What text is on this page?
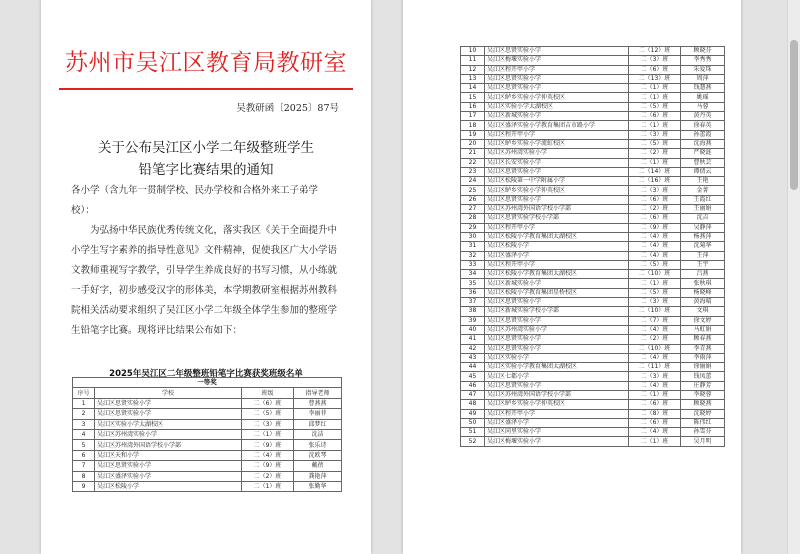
苏州市吴江区教育局教研室
吴教研函〔2025〕87号
关于公布吴江区小学二年级整班学生
铅笔字比赛结果的通知

各小学（含九年一贯制学校、民办学校和合格外来工子弟学

校）：

为弘扬中华民族优秀传统文化，落实我区《关于全面提升中小学生写字素养的指导性意见》文件精神，促使我区广大小学语文教师重视写字教学，引导学生养成良好的书写习惯，从小练就一手好字，初步感受汉字的形体美，本学期教研室根据苏州教科院相关活动要求组织了吴江区小学二年级全体学生参加的整班学生铅笔字比赛。现将评比结果公布如下：

2025年吴江区二年级整班铅笔字比赛获奖班级名单
一等奖			
序号	学校	班级	指导老师
1	吴江区思贤实验小学	二（6）班	曹燕燕
2	吴江区思贤实验小学	二（5）班	李丽菲
3	吴江区实验小学太湖校区	二（3）班	邱梦红
4	吴江区苏州湾实验小学	二（1）班	沈洁
5	吴江区苏州湾外国语学校小学部	二（9）班	张乐诗
6	吴江区天和小学	二（4）班	沈欧琴
7	吴江区思贤实验小学	二（9）班	戴蓓
8	吴江区盛泽实验小学	二（2）班	龚艳萍
9	吴江区松陵小学	二（1）班	张勤华
10	吴江区思贤实验小学	二（12）班	顾晓芬
11	吴江区梅堰实验小学	二（3）班	李秀秀
12	吴江区程开甲小学	二（6）班	朱爱珠
13	吴江区思贤实验小学	二（13）班	周萍
14	吴江区思贤实验小学	二（1）班	钱慧燕
15	吴江区鲈乡实验小学仲英校区	二（1）班	姚瑶
16	吴江区实验小学太湖校区	二（5）班	马蓉
17	吴江区新城实验小学	二（6）班	黄丹英
18	吴江区盛泽实验小学教育集团吉市路小学	二（1）班	徐春英
19	吴江区程开甲小学	二（3）班	孙蕾霞
20	吴江区鲈乡实验小学流虹校区	二（5）班	沈海燕
21	吴江区苏州湾实验小学	二（2）班	严晓涟
22	吴江区长安实验小学	二（1）班	曹秋芸
23	吴江区思贤实验小学	二（14）班	谭倩云
24	吴江区松陵第一中学附属小学	二（16）班	王艳
25	吴江区鲈乡实验小学仲英校区	二（3）班	金菁
26	吴江区思贤实验小学	二（6）班	王霞红
27	吴江区苏州湾外国语学校小学部	二（2）班	王丽娟
28	吴江区思贤实验学校小学部	二（6）班	沈吉
29	吴江区程开甲小学	二（9）班	吴静萍
30	吴江区松陵小学教育集团太湖校区	二（4）班	杨燕萍
31	吴江区松陵小学	二（4）班	沈菊华
32	吴江区盛泽小学	二（4）班	王萍
33	吴江区程开甲小学	二（5）班	王宇
34	吴江区松陵小学教育集团太湖校区	二（10）班	吕燕
35	吴江区新城实验小学	二（1）班	张秋琪
36	吴江区松陵小学教育集团星桥校区	二（5）班	杨晓峰
37	吴江区思贤实验小学	二（3）班	黄海晴
38	吴江区新城实验学校小学部	二（10）班	文琪
39	吴江区思贤实验小学	二（7）班	徐文婷
40	吴江区苏州湾实验小学	二（4）班	马虹娟
41	吴江区思贤实验小学	二（2）班	顾春燕
42	吴江区思贤实验小学	二（10）班	李青燕
43	吴江区实验小学	二（4）班	李雨萍
44	吴江区实验小学教育集团太湖校区	二（11）班	徐丽娟
45	吴江区七都小学	二（3）班	钱凤蕾
46	吴江区思贤实验小学	二（4）班	庄静芳
47	吴江区苏州湾外国语学校小学部	二（1）班	李晓蓉
48	吴江区鲈乡实验小学仲英校区	二（6）班	顾晓燕
49	吴江区程开甲小学	二（8）班	沈晓婷
50	吴江区盛泽小学	二（6）班	陈伟红
51	吴江区同里实验小学	二（4）班	孙雪芬
52	吴江区梅堰实验小学	二（1）班	吴月明
